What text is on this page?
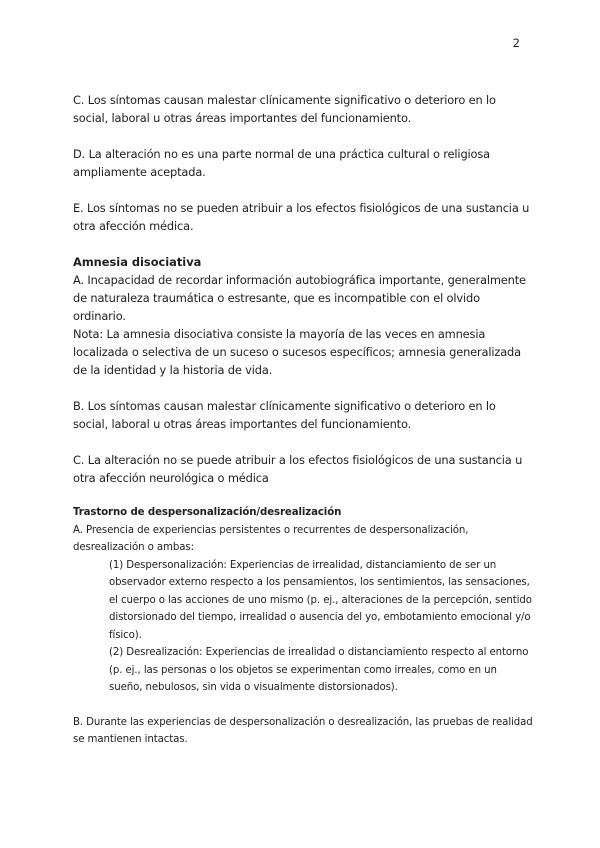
2

C. Los síntomas causan malestar clínicamente significativo o deterioro en lo social, laboral u otras áreas importantes del funcionamiento.

D. La alteración no es una parte normal de una práctica cultural o religiosa ampliamente aceptada.

E. Los síntomas no se pueden atribuir a los efectos fisiológicos de una sustancia u otra afección médica.

Amnesia disociativa

A. Incapacidad de recordar información autobiográfica importante, generalmente de naturaleza traumática o estresante, que es incompatible con el olvido ordinario.

Nota: La amnesia disociativa consiste la mayoría de las veces en amnesia localizada o selectiva de un suceso o sucesos específicos; amnesia generalizada de la identidad y la historia de vida.

B. Los síntomas causan malestar clínicamente significativo o deterioro en lo social, laboral u otras áreas importantes del funcionamiento.

C. La alteración no se puede atribuir a los efectos fisiológicos de una sustancia u otra afección neurológica o médica

Trastorno de despersonalización/desrealización

A. Presencia de experiencias persistentes o recurrentes de despersonalización, desrealización o ambas:

(1) Despersonalización: Experiencias de irrealidad, distanciamiento de ser un observador externo respecto a los pensamientos, los sentimientos, las sensaciones, el cuerpo o las acciones de uno mismo (p. ej., alteraciones de la percepción, sentido distorsionado del tiempo, irrealidad o ausencia del yo, embotamiento emocional y/o físico).

(2) Desrealización: Experiencias de irrealidad o distanciamiento respecto al entorno (p. ej., las personas o los objetos se experimentan como irreales, como en un sueño, nebulosos, sin vida o visualmente distorsionados).

B. Durante las experiencias de despersonalización o desrealización, las pruebas de realidad se mantienen intactas.
